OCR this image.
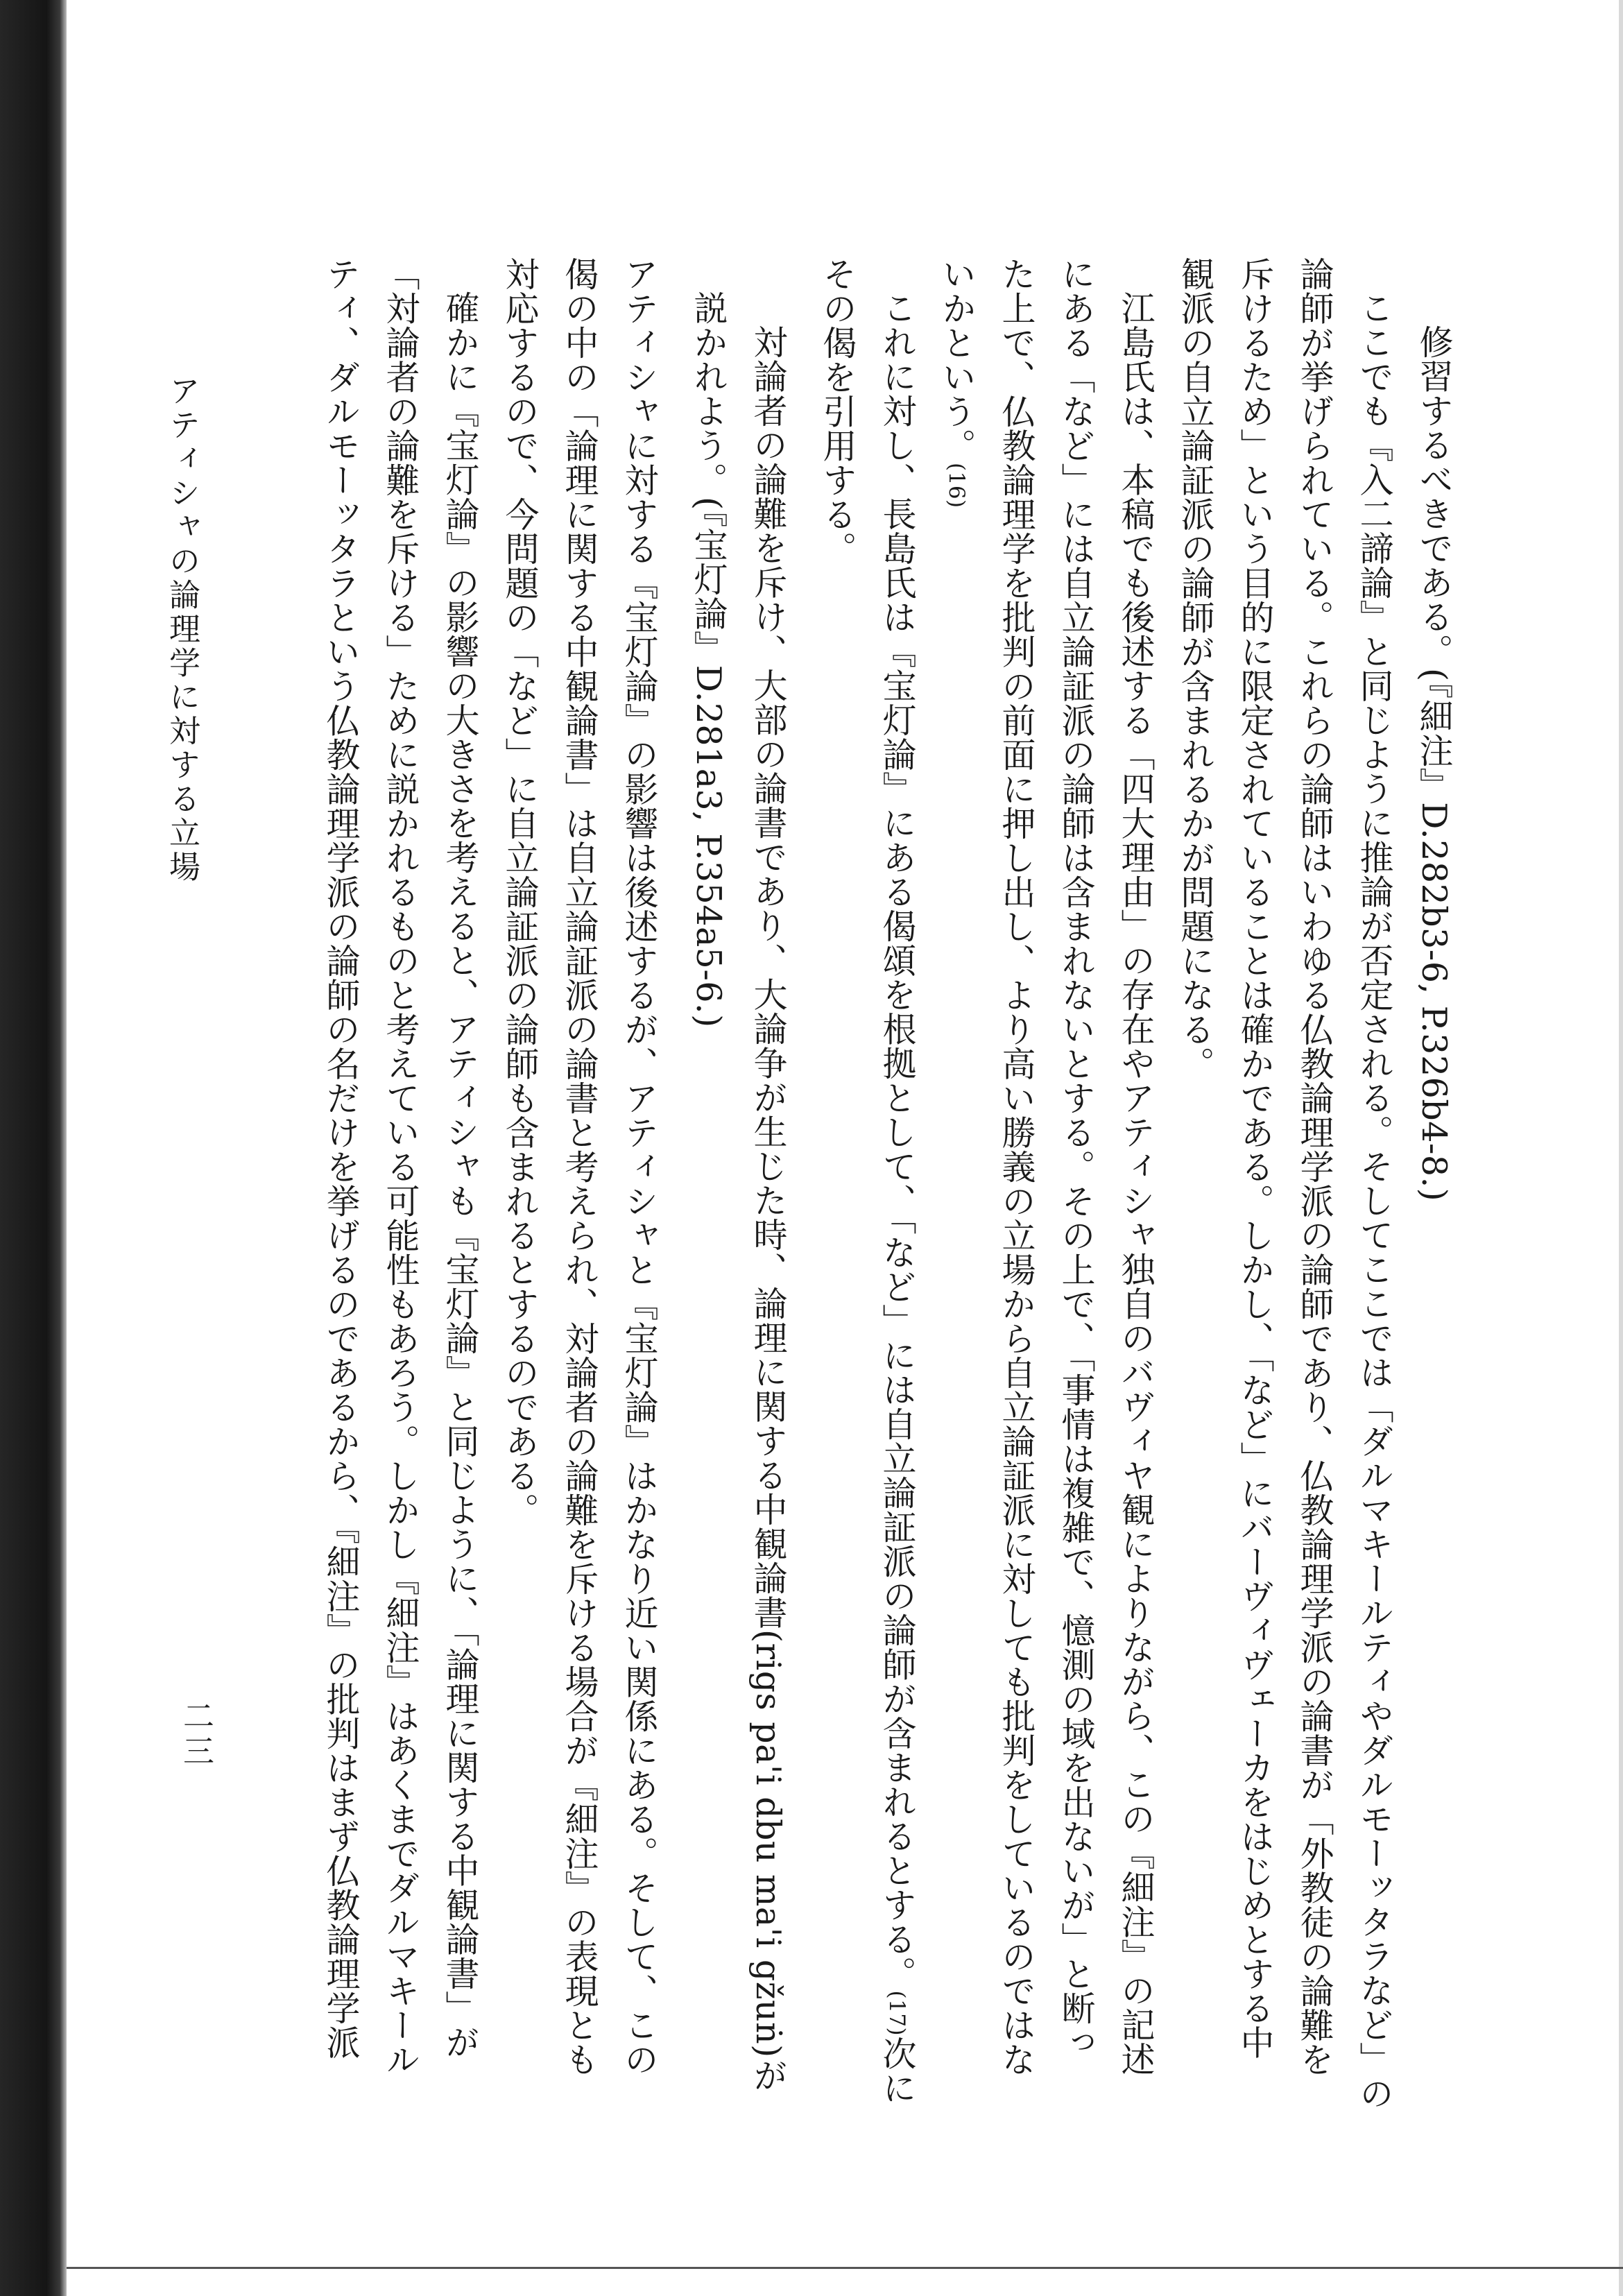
修習するべきである。(『細注』D.282b3-6, P.326b4-8.)
ここでも『入二諦論』と同じように推論が否定される。そしてここでは「ダルマキールティやダルモーッタラなど」の
論師が挙げられている。これらの論師はいわゆる仏教論理学派の論師であり、仏教論理学派の論書が「外教徒の論難を
斥けるため」という目的に限定されていることは確かである。しかし、「など」にバーヴィヴェーカをはじめとする中
観派の自立論証派の論師が含まれるかが問題になる。
江島氏は、本稿でも後述する「四大理由」の存在やアティシャ独自のバヴィヤ観によりながら、この『細注』の記述
にある「など」には自立論証派の論師は含まれないとする。その上で、「事情は複雑で、憶測の域を出ないが」と断っ
た上で、仏教論理学を批判の前面に押し出し、より高い勝義の立場から自立論証派に対しても批判をしているのではな
いかという。(16)
これに対し、長島氏は『宝灯論』にある偈頌を根拠として、「など」には自立論証派の論師が含まれるとする。(17)次に
その偈を引用する。
対論者の論難を斥け、大部の論書であり、大論争が生じた時、論理に関する中観論書(rigs pa'i dbu ma'i gžuṅ)が
説かれよう。(『宝灯論』D.281a3, P.354a5-6.)
アティシャに対する『宝灯論』の影響は後述するが、アティシャと『宝灯論』はかなり近い関係にある。そして、この
偈の中の「論理に関する中観論書」は自立論証派の論書と考えられ、対論者の論難を斥ける場合が『細注』の表現とも
対応するので、今問題の「など」に自立論証派の論師も含まれるとするのである。
確かに『宝灯論』の影響の大きさを考えると、アティシャも『宝灯論』と同じように、「論理に関する中観論書」が
「対論者の論難を斥ける」ために説かれるものと考えている可能性もあろう。しかし『細注』はあくまでダルマキール
ティ、ダルモーッタラという仏教論理学派の論師の名だけを挙げるのであるから、『細注』の批判はまず仏教論理学派
アティシャの論理学に対する立場
二三
